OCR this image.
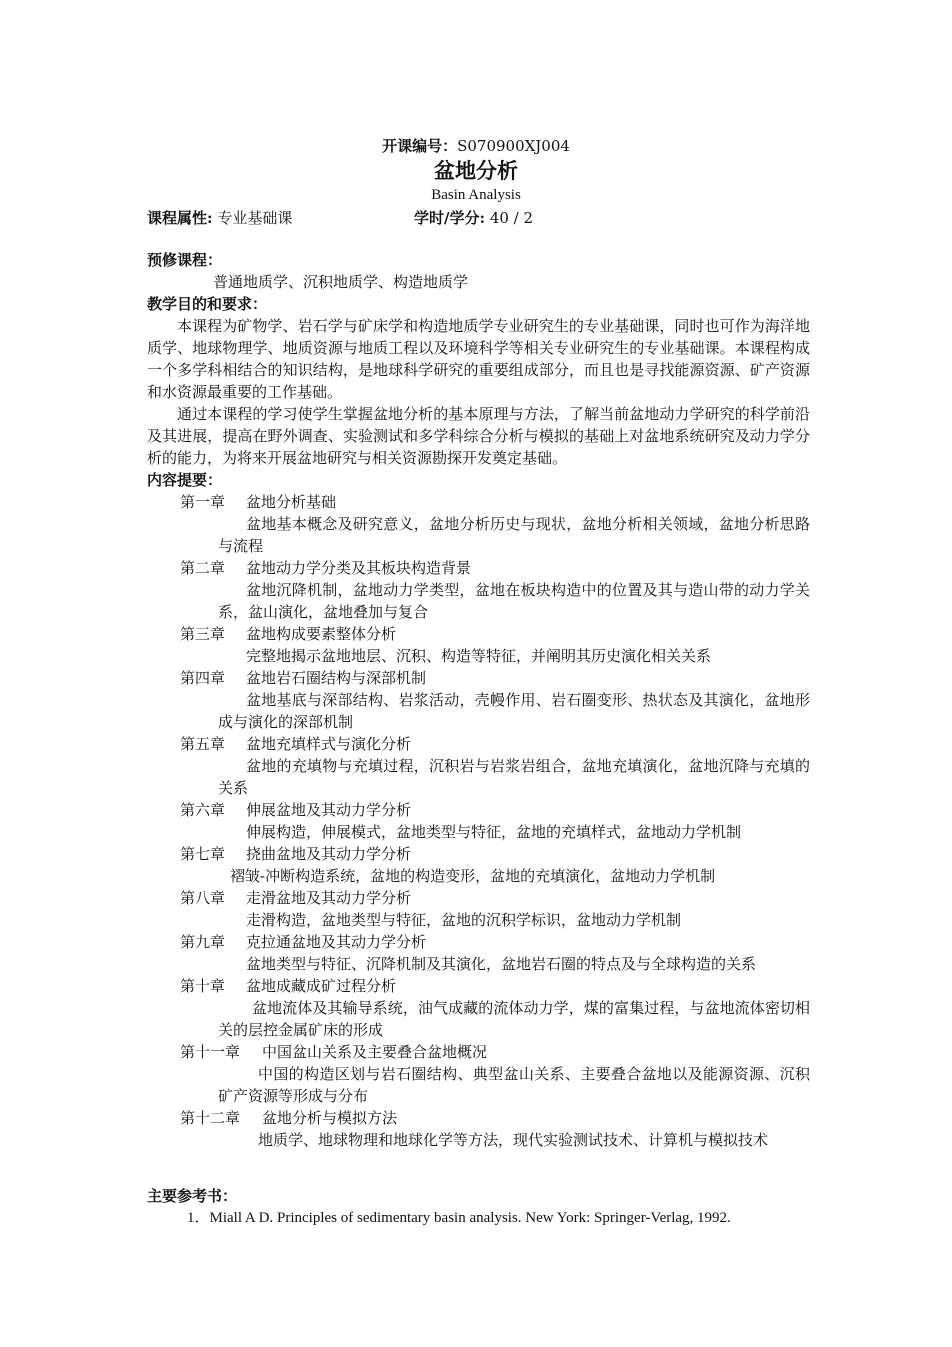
开课编号：S070900XJ004
盆地分析
Basin Analysis
课程属性: 专业基础课	学时/学分: 40 / 2
预修课程：
普通地质学、沉积地质学、构造地质学
教学目的和要求：
本课程为矿物学、岩石学与矿床学和构造地质学专业研究生的专业基础课，同时也可作为海洋地质学、地球物理学、地质资源与地质工程以及环境科学等相关专业研究生的专业基础课。本课程构成一个多学科相结合的知识结构，是地球科学研究的重要组成部分，而且也是寻找能源资源、矿产资源和水资源最重要的工作基础。
通过本课程的学习使学生掌握盆地分析的基本原理与方法，了解当前盆地动力学研究的科学前沿及其进展，提高在野外调查、实验测试和多学科综合分析与模拟的基础上对盆地系统研究及动力学分析的能力，为将来开展盆地研究与相关资源勘探开发奠定基础。
内容提要：
第一章 盆地分析基础
盆地基本概念及研究意义，盆地分析历史与现状，盆地分析相关领域，盆地分析思路与流程
第二章 盆地动力学分类及其板块构造背景
盆地沉降机制，盆地动力学类型，盆地在板块构造中的位置及其与造山带的动力学关系，盆山演化，盆地叠加与复合
第三章 盆地构成要素整体分析
完整地揭示盆地地层、沉积、构造等特征，并阐明其历史演化相关关系
第四章 盆地岩石圈结构与深部机制
盆地基底与深部结构、岩浆活动，壳幔作用、岩石圈变形、热状态及其演化，盆地形成与演化的深部机制
第五章 盆地充填样式与演化分析
盆地的充填物与充填过程，沉积岩与岩浆岩组合，盆地充填演化，盆地沉降与充填的关系
第六章 伸展盆地及其动力学分析
伸展构造，伸展模式，盆地类型与特征，盆地的充填样式，盆地动力学机制
第七章 挠曲盆地及其动力学分析
褶皱-冲断构造系统，盆地的构造变形，盆地的充填演化，盆地动力学机制
第八章 走滑盆地及其动力学分析
走滑构造，盆地类型与特征，盆地的沉积学标识，盆地动力学机制
第九章 克拉通盆地及其动力学分析
盆地类型与特征、沉降机制及其演化，盆地岩石圈的特点及与全球构造的关系
第十章 盆地成藏成矿过程分析
盆地流体及其输导系统，油气成藏的流体动力学，煤的富集过程，与盆地流体密切相关的层控金属矿床的形成
第十一章 中国盆山关系及主要叠合盆地概况
中国的构造区划与岩石圈结构、典型盆山关系、主要叠合盆地以及能源资源、沉积矿产资源等形成与分布
第十二章 盆地分析与模拟方法
地质学、地球物理和地球化学等方法，现代实验测试技术、计算机与模拟技术
主要参考书：
1．Miall A D. Principles of sedimentary basin analysis. New York: Springer-Verlag, 1992.
